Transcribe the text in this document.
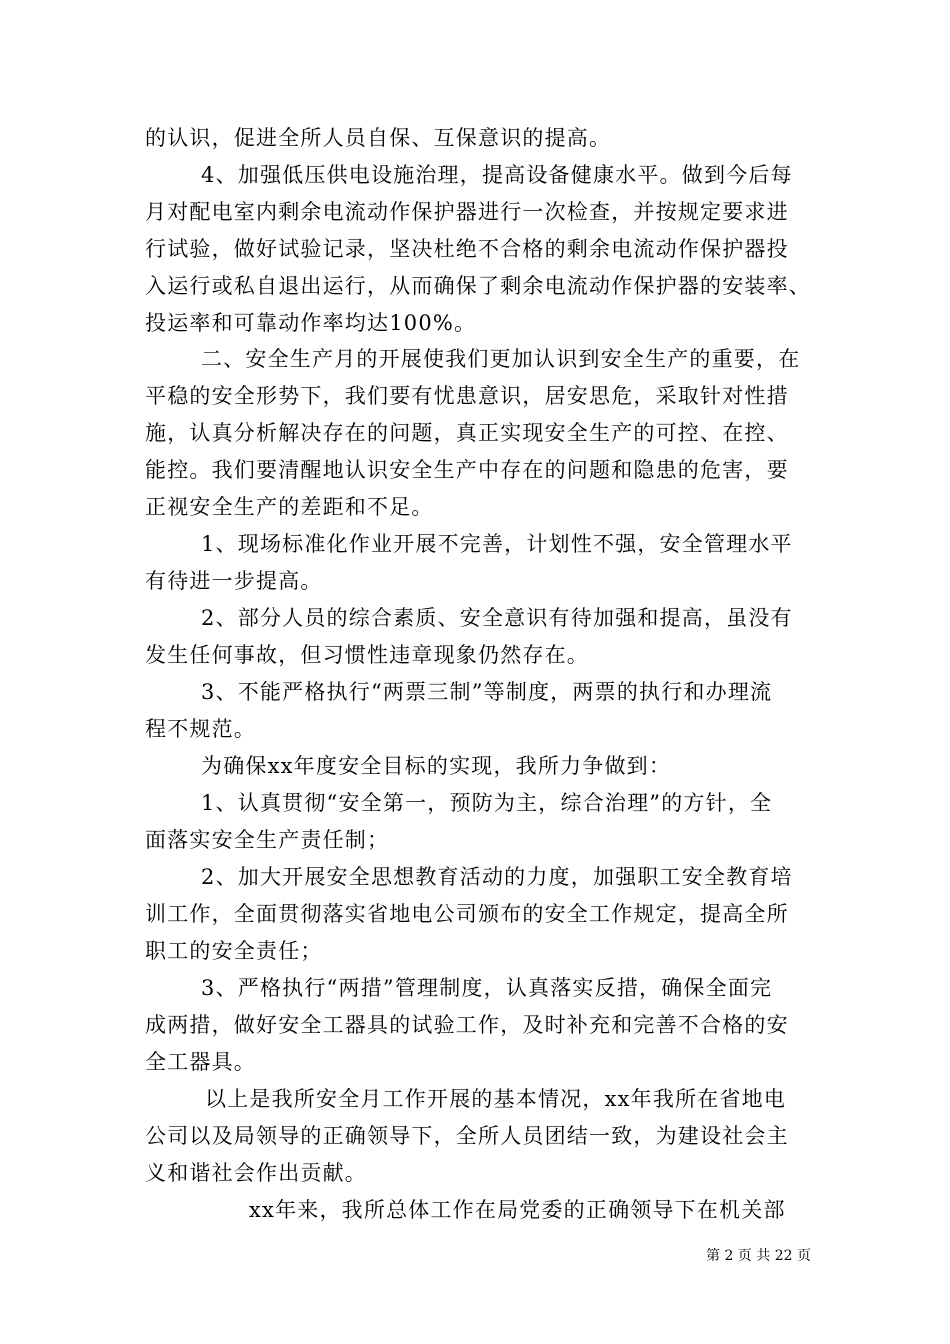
的认识，促进全所人员自保、互保意识的提高。
4、加强低压供电设施治理，提高设备健康水平。做到今后每
月对配电室内剩余电流动作保护器进行一次检查，并按规定要求进
行试验，做好试验记录，坚决杜绝不合格的剩余电流动作保护器投
入运行或私自退出运行，从而确保了剩余电流动作保护器的安装率、
投运率和可靠动作率均达100%。
二、安全生产月的开展使我们更加认识到安全生产的重要，在
平稳的安全形势下，我们要有忧患意识，居安思危，采取针对性措
施，认真分析解决存在的问题，真正实现安全生产的可控、在控、
能控。我们要清醒地认识安全生产中存在的问题和隐患的危害，要
正视安全生产的差距和不足。
1、现场标准化作业开展不完善，计划性不强，安全管理水平
有待进一步提高。
2、部分人员的综合素质、安全意识有待加强和提高，虽没有
发生任何事故，但习惯性违章现象仍然存在。
3、不能严格执行“两票三制”等制度，两票的执行和办理流
程不规范。
为确保xx年度安全目标的实现，我所力争做到：
1、认真贯彻“安全第一，预防为主，综合治理”的方针，全
面落实安全生产责任制；
2、加大开展安全思想教育活动的力度，加强职工安全教育培
训工作，全面贯彻落实省地电公司颁布的安全工作规定，提高全所
职工的安全责任；
3、严格执行“两措”管理制度，认真落实反措，确保全面完
成两措，做好安全工器具的试验工作，及时补充和完善不合格的安
全工器具。
以上是我所安全月工作开展的基本情况，xx年我所在省地电
公司以及局领导的正确领导下，全所人员团结一致，为建设社会主
义和谐社会作出贡献。
xx年来，我所总体工作在局党委的正确领导下在机关部
第 2 页 共 22 页
